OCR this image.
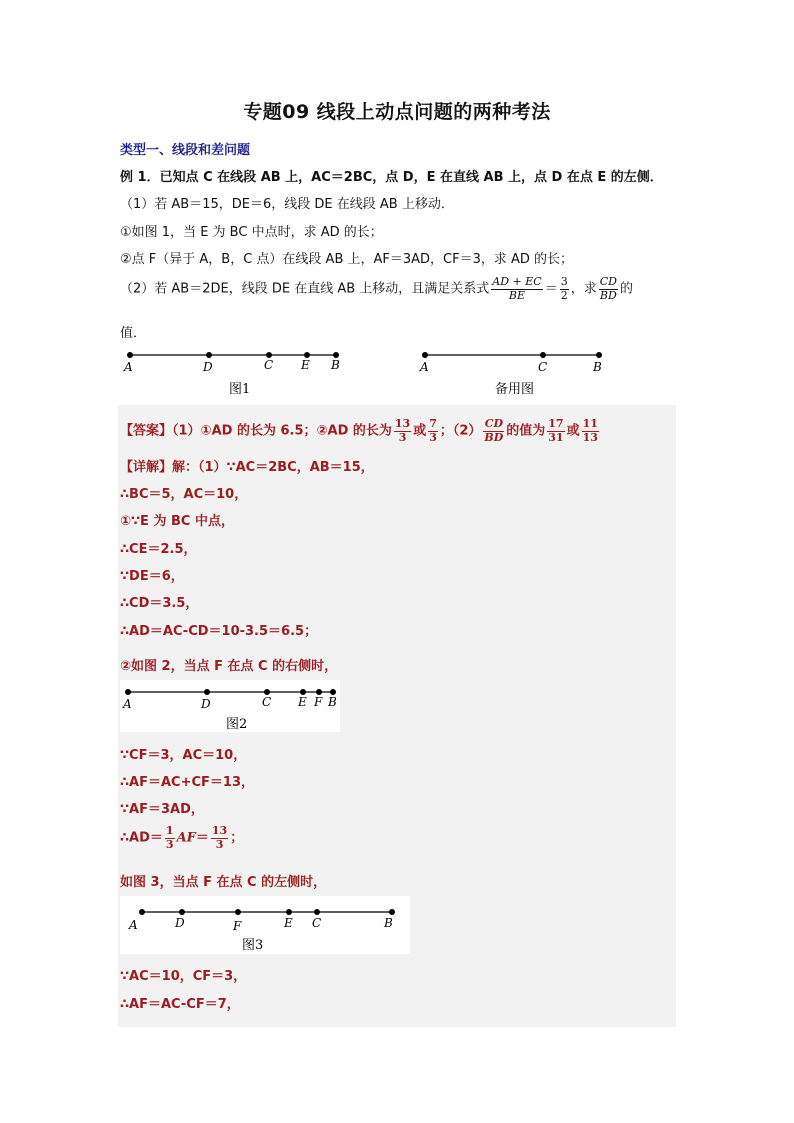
专题09 线段上动点问题的两种考法
类型一、线段和差问题
例 1．已知点 C 在线段 AB 上，AC＝2BC，点 D，E 在直线 AB 上，点 D 在点 E 的左侧．
（1）若 AB＝15，DE＝6，线段 DE 在线段 AB 上移动．
①如图 1，当 E 为 BC 中点时，求 AD 的长；
②点 F（异于 A，B，C 点）在线段 AB 上，AF＝3AD，CF＝3，求 AD 的长；
（2）若 AB＝2DE，线段 DE 在直线 AB 上移动，且满足关系式 $\frac{AD + EC}{BE} = \frac{3}{2}$ ，求 $\frac{CD}{BD}$ 的
值．
A	D	C E B
图1
A	C	B
备用图
【答案】（1）①AD 的长为 6.5；②AD 的长为 $\frac{13}{3}$ 或 $\frac{7}{3}$ ；$(2) \frac{CD}{BD}$ 的值为 $\frac{17}{31}$ 或 $\frac{11}{13}$
【详解】解：（1）∵AC＝2BC，AB＝15，
∴BC＝5，AC＝10，
①∵E 为 BC 中点，
∴CE＝2.5，
∵DE＝6，
∴CD＝3.5，
∴AD＝AC-CD＝10-3.5＝6.5；
②如图 2，当点 F 在点 C 的右侧时，
A	D	C E F B
图2
∵CF＝3，AC＝10，
∴AF＝AC+CF＝13，
∵AF＝3AD，
∴AD＝ $\frac{1}{3} AF= \frac{13}{3}$ ；
如图 3，当点 F 在点 C 的左侧时，
A	D	F	E C	B
图3
∵AC＝10，CF＝3，
∴AF＝AC-CF＝7，
